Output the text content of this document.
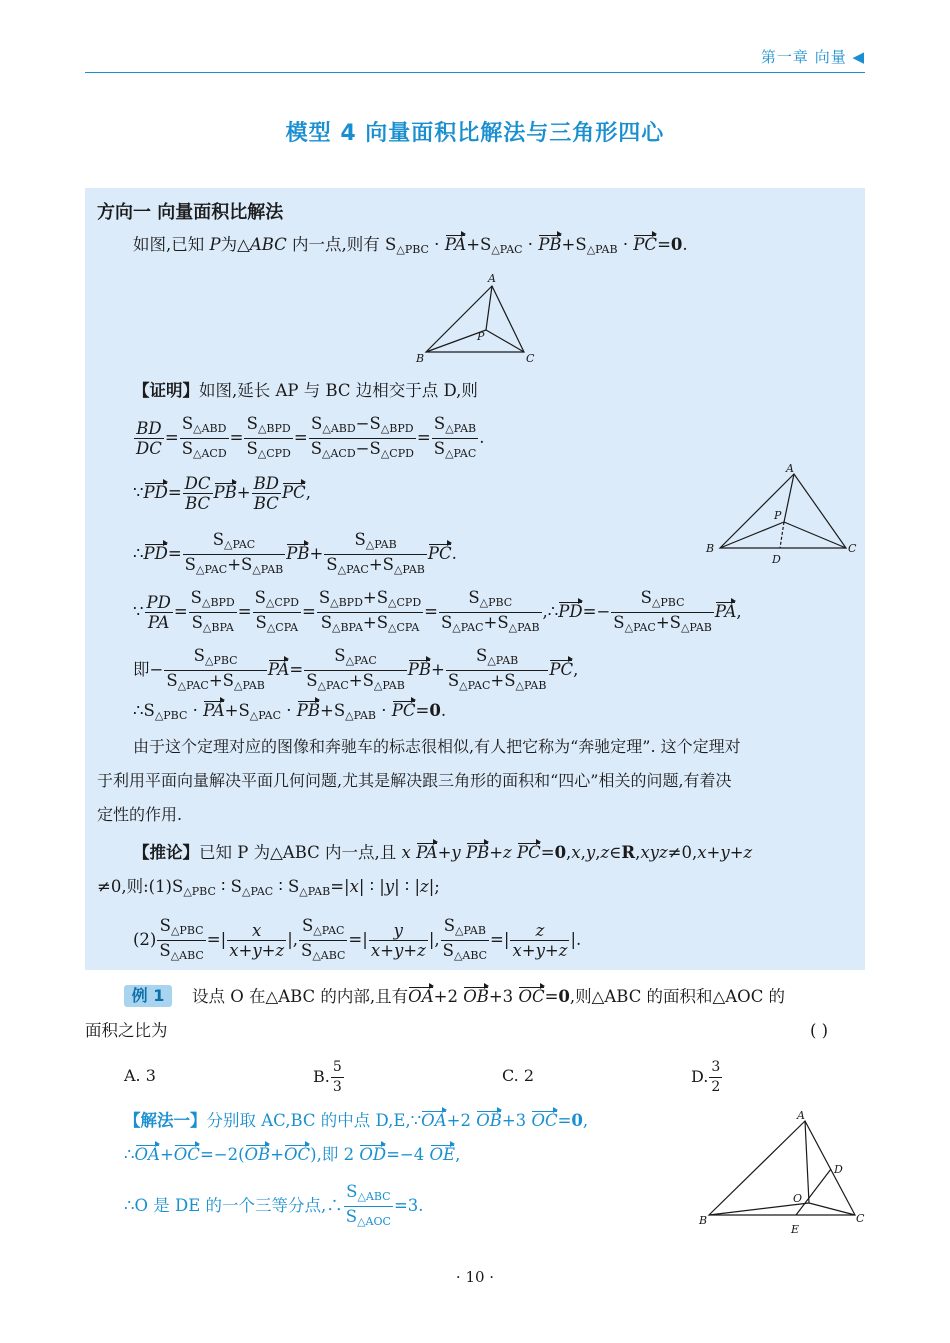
第一章 向量 ◀
模型 4 向量面积比解法与三角形四心
方向一 向量面积比解法
如图,已知 P为△ABC 内一点,则有 $S_{\triangle PBC} \cdot PA+S_{\triangle PAC} \cdot PB+S_{\triangle PAB} \cdot PC=0$.
A
B	C
P
【证明】如图,延长 AP 与 BC 边相交于点 D,则
$\frac{BD}{DC} = \frac{S_{\triangle ABD}}{S_{\triangle ACD}} = \frac{S_{\triangle BPD}}{S_{\triangle CPD}} = \frac{S_{\triangle ABD}-S_{\triangle BPD}}{S_{\triangle ACD}-S_{\triangle CPD}} = \frac{S_{\triangle PAB}}{S_{\triangle PAC}}$ .
∵PD= $\frac{DC}{BC} PB+ \frac{BD}{BC}$ PC,
∴PD= $\frac{S_{\triangle PAC}}{S_{\triangle PAC}+S_{\triangle PAB}} PB+ \frac{S_{\triangle PAB}}{S_{\triangle PAC}+S_{\triangle PAB}}$ PC.
A
B	C
P
D
∵ $\frac{PD}{PA} = \frac{S_{\triangle BPD}}{S_{\triangle BPA}} = \frac{S_{\triangle CPD}}{S_{\triangle CPA}} = \frac{S_{\triangle BPD}+S_{\triangle CPD}}{S_{\triangle BPA}+S_{\triangle CPA}} = \frac{S_{\triangle PBC}}{S_{\triangle PAC}+S_{\triangle PAB}}$ ,∴PD=− $\frac{S_{\triangle PBC}}{S_{\triangle PAC}+S_{\triangle PAB}}$ PA,
即− $\frac{S_{\triangle PBC}}{S_{\triangle PAC}+S_{\triangle PAB}} PA= \frac{S_{\triangle PAC}}{S_{\triangle PAC}+S_{\triangle PAB}} PB+ \frac{S_{\triangle PAB}}{S_{\triangle PAC}+S_{\triangle PAB}}$ PC,
$\therefore S_{\triangle PBC} \cdot PA+S_{\triangle PAC} \cdot PB+S_{\triangle PAB} \cdot PC=0$.
由于这个定理对应的图像和奔驰车的标志很相似,有人把它称为“奔驰定理”. 这个定理对
于利用平面向量解决平面几何问题,尤其是解决跟三角形的面积和“四心”相关的问题,有着决
定性的作用.
【推论】已知 P 为△ABC 内一点,且 x PA+y PB+z PC=0,x,y,z∈R,xyz≠0,x+y+z
≠0,则$:(1)S_{\triangle PBC}$ ∶ $S_{\triangle PAC}$ ∶ $S_{\triangle PAB}=|x|$ ∶ |y| ∶ |z|;
$(2) \frac{S_{\triangle PBC}}{S_{\triangle ABC}}$ =| $\frac{x}{x+y+z}$ |, $\frac{S_{\triangle PAC}}{S_{\triangle ABC}}$ =| $\frac{y}{x+y+z}$ |, $\frac{S_{\triangle PAB}}{S_{\triangle ABC}}$ =| $\frac{z}{x+y+z}$ |.
例 1	设点 O 在△ABC 的内部,且有OA+2 OB+3 OC=0,则△ABC 的面积和△AOC 的
面积之比为	( )
A. 3	B. $\frac{5}{3}$	C. 2	D. $\frac{3}{2}$
【解法一】分别取 AC,BC 的中点 D,E,∵OA+2 OB+3 OC=0,
∴OA+OC=−2(OB+OC),即 2 OD=−4 OE,
∴O 是 DE 的一个三等分点,∴ $\frac{S_{\triangle ABC}}{S_{\triangle AOC}} =3$.
A
B	C
D
O
E
· 10 ·
